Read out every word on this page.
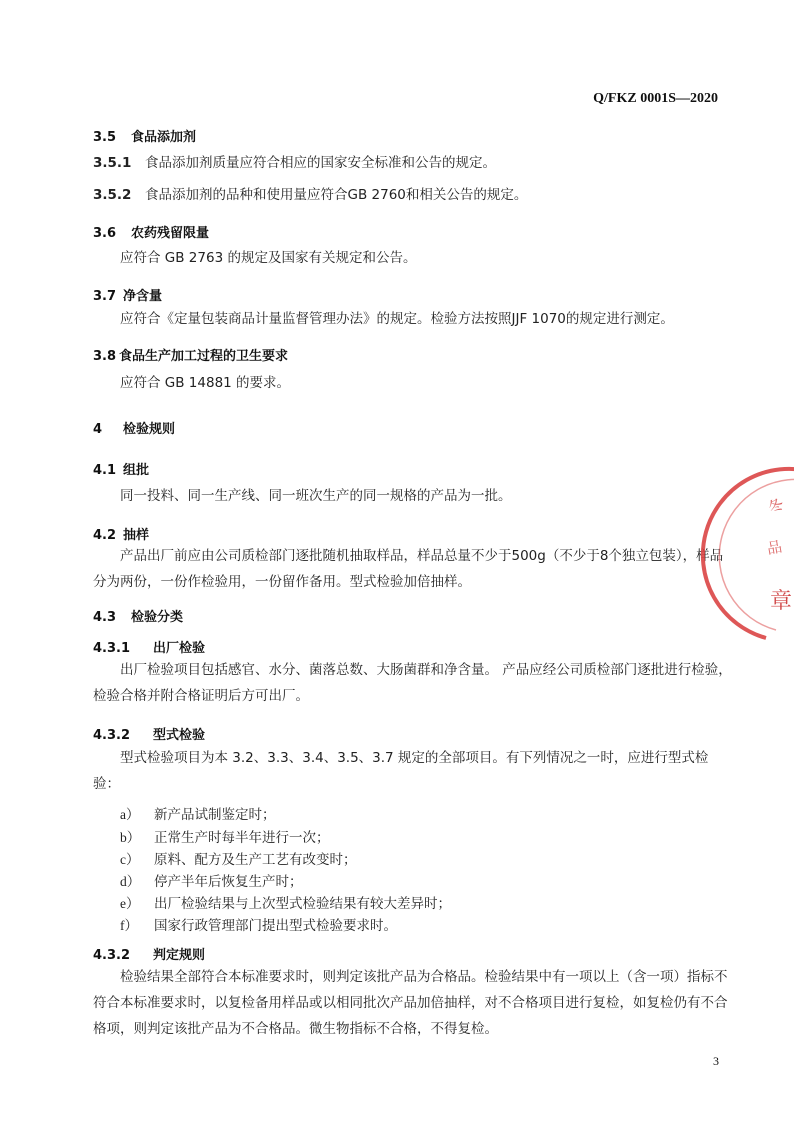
Q/FKZ 0001S—2020
3.5 食品添加剂
3.5.1 食品添加剂质量应符合相应的国家安全标准和公告的规定。
3.5.2 食品添加剂的品种和使用量应符合GB 2760和相关公告的规定。
3.6 农药残留限量
应符合 GB 2763 的规定及国家有关规定和公告。
3.7 净含量
应符合《定量包装商品计量监督管理办法》的规定。检验方法按照JJF 1070的规定进行测定。
3.8 食品生产加工过程的卫生要求
应符合 GB 14881 的要求。
4 检验规则
4.1 组批
同一投料、同一生产线、同一班次生产的同一规格的产品为一批。
4.2 抽样
产品出厂前应由公司质检部门逐批随机抽取样品，样品总量不少于500g（不少于8个独立包装），样品分为两份，一份作检验用，一份留作备用。型式检验加倍抽样。
4.3 检验分类
4.3.1 出厂检验
出厂检验项目包括感官、水分、菌落总数、大肠菌群和净含量。 产品应经公司质检部门逐批进行检验，检验合格并附合格证明后方可出厂。
4.3.2 型式检验
型式检验项目为本 3.2、3.3、3.4、3.5、3.7 规定的全部项目。有下列情况之一时，应进行型式检验：
a） 新产品试制鉴定时；
b） 正常生产时每半年进行一次；
c） 原料、配方及生产工艺有改变时；
d） 停产半年后恢复生产时；
e） 出厂检验结果与上次型式检验结果有较大差异时；
f） 国家行政管理部门提出型式检验要求时。
4.3.2 判定规则
检验结果全部符合本标准要求时，则判定该批产品为合格品。检验结果中有一项以上（含一项）指标不符合本标准要求时，以复检备用样品或以相同批次产品加倍抽样，对不合格项目进行复检，如复检仍有不合格项，则判定该批产品为不合格品。微生物指标不合格，不得复检。
冬
品
章
3
